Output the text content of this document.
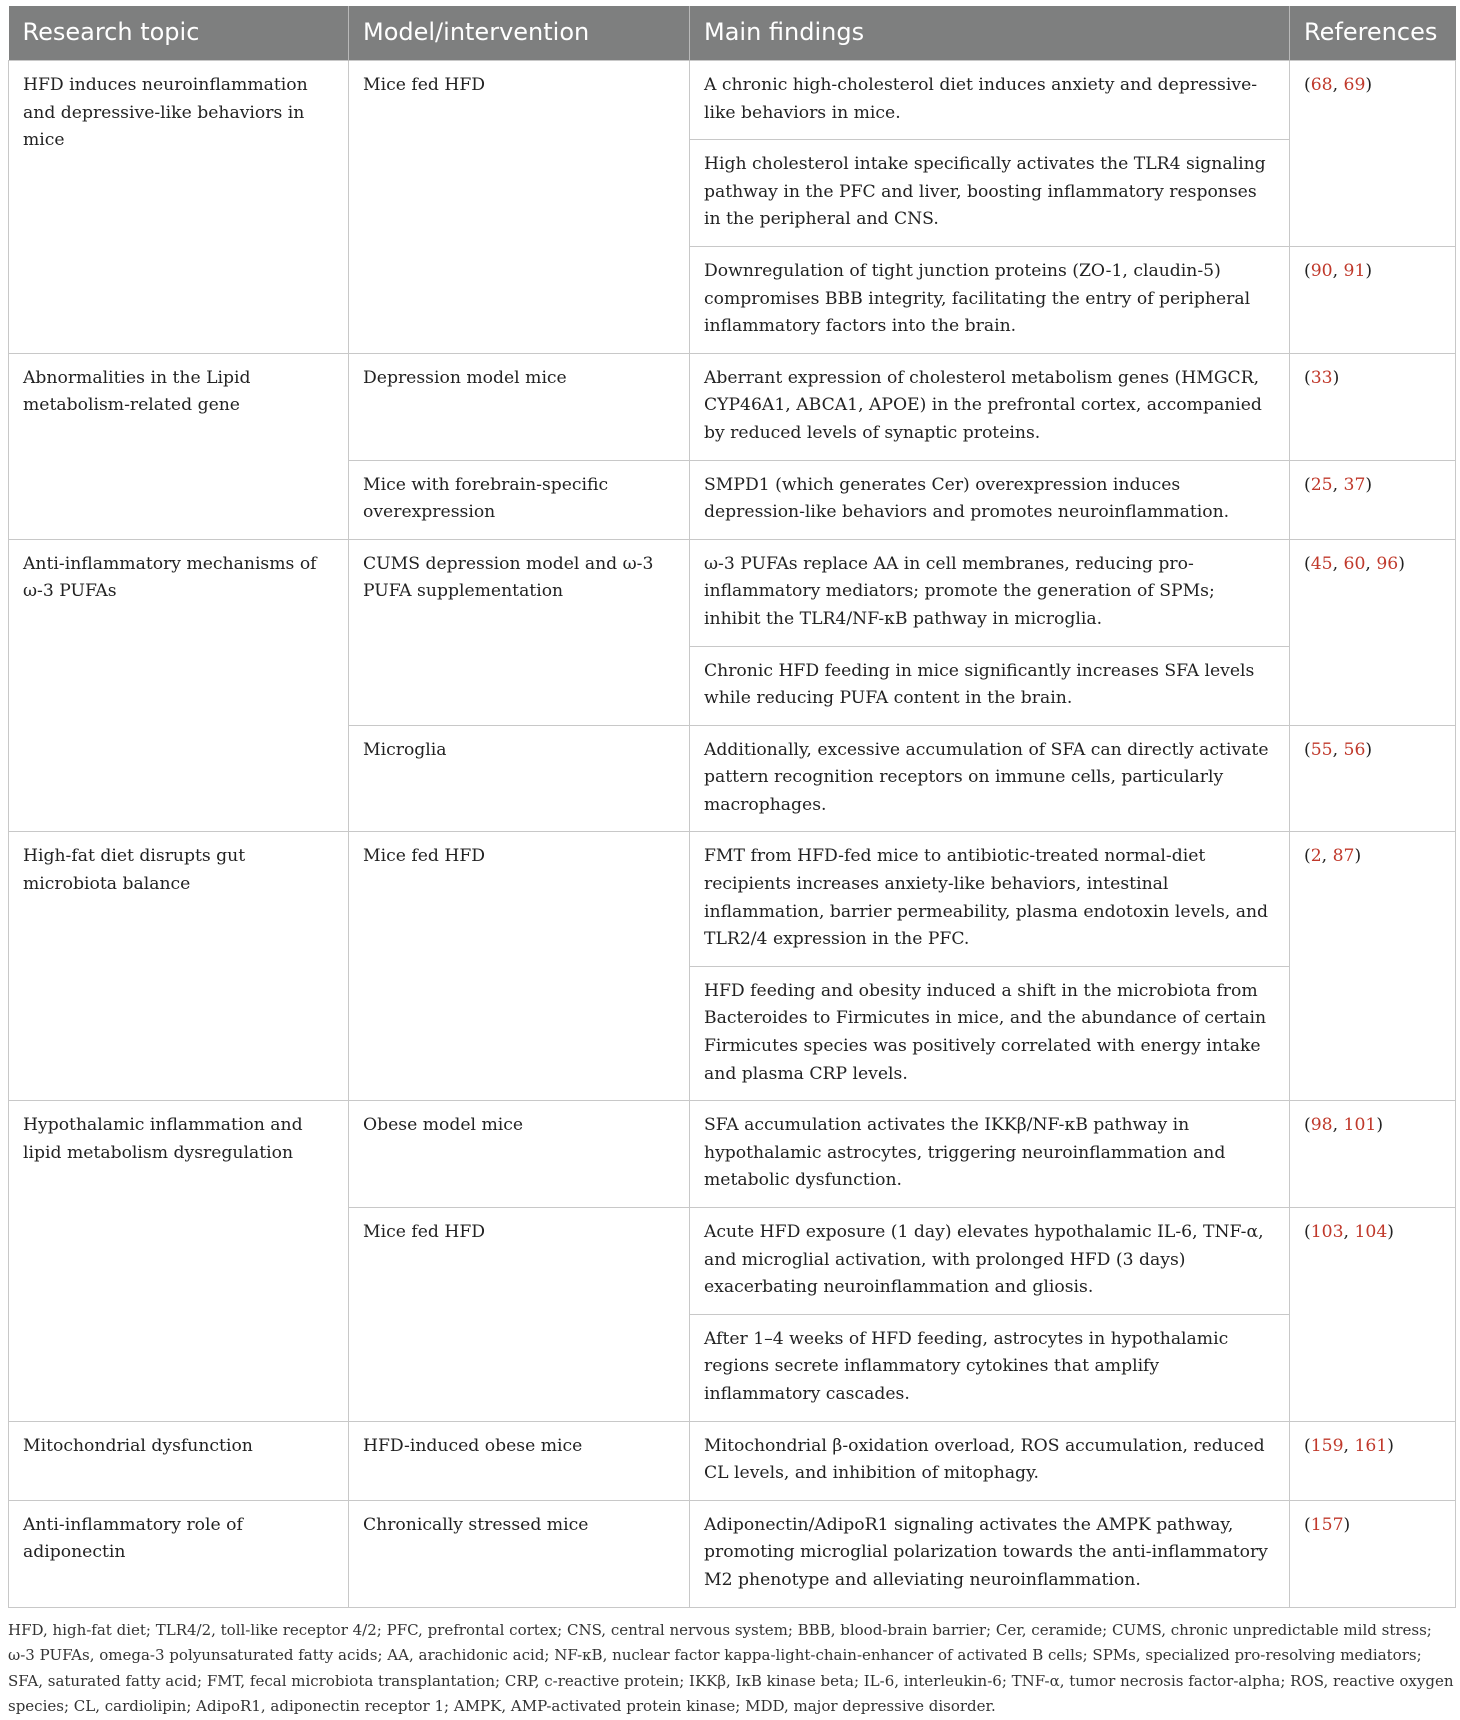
Research topic	Model/intervention	Main findings	References
HFD induces neuroinflammation and depressive-like behaviors in mice	Mice fed HFD	A chronic high-cholesterol diet induces anxiety and depressive-like behaviors in mice.	(68, 69)
		High cholesterol intake specifically activates the TLR4 signaling pathway in the PFC and liver, boosting inflammatory responses in the peripheral and CNS.	
		Downregulation of tight junction proteins (ZO-1, claudin-5) compromises BBB integrity, facilitating the entry of peripheral inflammatory factors into the brain.	(90, 91)
Abnormalities in the Lipid metabolism-related gene	Depression model mice	Aberrant expression of cholesterol metabolism genes (HMGCR, CYP46A1, ABCA1, APOE) in the prefrontal cortex, accompanied by reduced levels of synaptic proteins.	(33)
	Mice with forebrain-specific overexpression	SMPD1 (which generates Cer) overexpression induces depression-like behaviors and promotes neuroinflammation.	(25, 37)
Anti-inflammatory mechanisms of ω-3 PUFAs	CUMS depression model and ω-3 PUFA supplementation	ω-3 PUFAs replace AA in cell membranes, reducing pro-inflammatory mediators; promote the generation of SPMs; inhibit the TLR4/NF-κB pathway in microglia.	(45, 60, 96)
		Chronic HFD feeding in mice significantly increases SFA levels while reducing PUFA content in the brain.	
	Microglia	Additionally, excessive accumulation of SFA can directly activate pattern recognition receptors on immune cells, particularly macrophages.	(55, 56)
High-fat diet disrupts gut microbiota balance	Mice fed HFD	FMT from HFD-fed mice to antibiotic-treated normal-diet recipients increases anxiety-like behaviors, intestinal inflammation, barrier permeability, plasma endotoxin levels, and TLR2/4 expression in the PFC.	(2, 87)
		HFD feeding and obesity induced a shift in the microbiota from Bacteroides to Firmicutes in mice, and the abundance of certain Firmicutes species was positively correlated with energy intake and plasma CRP levels.	
Hypothalamic inflammation and lipid metabolism dysregulation	Obese model mice	SFA accumulation activates the IKKβ/NF-κB pathway in hypothalamic astrocytes, triggering neuroinflammation and metabolic dysfunction.	(98, 101)
	Mice fed HFD	Acute HFD exposure (1 day) elevates hypothalamic IL-6, TNF-α, and microglial activation, with prolonged HFD (3 days) exacerbating neuroinflammation and gliosis.	(103, 104)
		After 1–4 weeks of HFD feeding, astrocytes in hypothalamic regions secrete inflammatory cytokines that amplify inflammatory cascades.	
Mitochondrial dysfunction	HFD-induced obese mice	Mitochondrial β-oxidation overload, ROS accumulation, reduced CL levels, and inhibition of mitophagy.	(159, 161)
Anti-inflammatory role of adiponectin	Chronically stressed mice	Adiponectin/AdipoR1 signaling activates the AMPK pathway, promoting microglial polarization towards the anti-inflammatory M2 phenotype and alleviating neuroinflammation.	(157)
HFD, high-fat diet; TLR4/2, toll-like receptor 4/2; PFC, prefrontal cortex; CNS, central nervous system; BBB, blood-brain barrier; Cer, ceramide; CUMS, chronic unpredictable mild stress; ω-3 PUFAs, omega-3 polyunsaturated fatty acids; AA, arachidonic acid; NF-κB, nuclear factor kappa-light-chain-enhancer of activated B cells; SPMs, specialized pro-resolving mediators; SFA, saturated fatty acid; FMT, fecal microbiota transplantation; CRP, c-reactive protein; IKKβ, IκB kinase beta; IL-6, interleukin-6; TNF-α, tumor necrosis factor-alpha; ROS, reactive oxygen species; CL, cardiolipin; AdipoR1, adiponectin receptor 1; AMPK, AMP-activated protein kinase; MDD, major depressive disorder.
